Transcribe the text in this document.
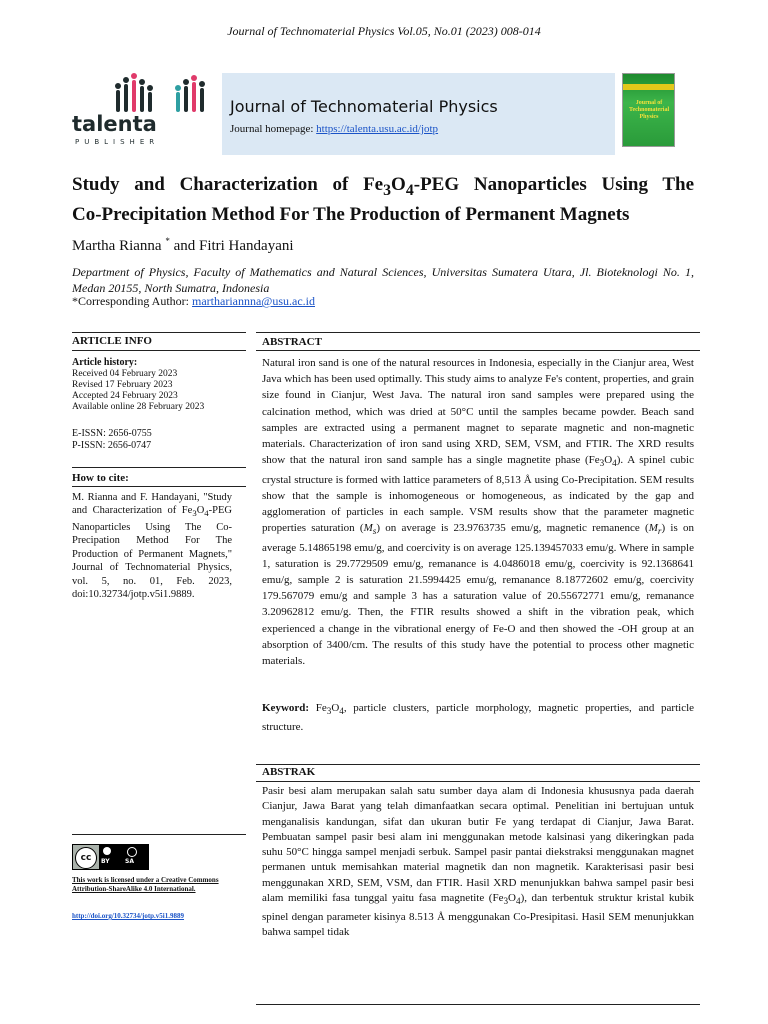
Journal of Technomaterial Physics Vol.05, No.01 (2023) 008-014
talenta
PUBLISHER
Journal of Technomaterial Physics
Journal homepage: https://talenta.usu.ac.id/jotp
Journal of Technomaterial Physics
Study and Characterization of $Fe_3O_4$-PEG Nanoparticles Using The
Co-Precipitation Method For The Production of Permanent Magnets
Martha Rianna * and Fitri Handayani
Department of Physics, Faculty of Mathematics and Natural Sciences, Universitas Sumatera Utara, Jl. Bioteknologi No. 1, Medan 20155, North Sumatra, Indonesia
*Corresponding Author: marthariannna@usu.ac.id
ARTICLE INFO
Article history:
Received 04 February 2023
Revised 17 February 2023
Accepted 24 February 2023
Available online 28 February 2023
E-ISSN: 2656-0755
P-ISSN: 2656-0747
How to cite:
M. Rianna and F. Handayani, "Study and Characterization of $Fe_3O_4$-PEG Nanoparticles Using The Co-Precipation Method For The Production of Permanent Magnets," Journal of Technomaterial Physics, vol. 5, no. 01, Feb. 2023, doi:10.32734/jotp.v5i1.9889.
cc	BY	SA
This work is licensed under a Creative Commons Attribution-ShareAlike 4.0 International.
http://doi.org/10.32734/jotp.v5i1.9889
ABSTRACT
Natural iron sand is one of the natural resources in Indonesia, especially in the Cianjur area, West Java which has been used optimally. This study aims to analyze Fe's content, properties, and grain size found in Cianjur, West Java. The natural iron sand samples were prepared using the calcination method, which was dried at 50°C until the samples became powder. Beach sand samples are extracted using a permanent magnet to separate magnetic and non-magnetic materials. Characterization of iron sand using XRD, SEM, VSM, and FTIR. The XRD results show that the natural iron sand sample has a single magnetite phase $(Fe_3O_4)$. A spinel cubic crystal structure is formed with lattice parameters of 8,513 Å using Co-Precipitation. SEM results show that the sample is inhomogeneous or homogeneous, as indicated by the gap and agglomeration of particles in each sample. VSM results show that the parameter magnetic properties saturation $(M_s)$ on average is 23.9763735 emu/g, magnetic remanence $(M_r)$ is on average 5.14865198 emu/g, and coercivity is on average 125.139457033 emu/g. Where in sample 1, saturation is 29.7729509 emu/g, remanance is 4.0486018 emu/g, coercivity is 92.1368641 emu/g, sample 2 is saturation 21.5994425 emu/g, remanance 8.18772602 emu/g, coercivity 179.567079 emu/g and sample 3 has a saturation value of 20.55672771 emu/g, remanance 3.20962812 emu/g. Then, the FTIR results showed a shift in the vibration peak, which experienced a change in the vibrational energy of Fe-O and then showed the -OH group at an absorption of 3400/cm. The results of this study have the potential to process other magnetic materials.
Keyword: $Fe_3O_4$, particle clusters, particle morphology, magnetic properties, and particle structure.
ABSTRAK
Pasir besi alam merupakan salah satu sumber daya alam di Indonesia khususnya pada daerah Cianjur, Jawa Barat yang telah dimanfaatkan secara optimal. Penelitian ini bertujuan untuk menganalisis kandungan, sifat dan ukuran butir Fe yang terdapat di Cianjur, Jawa Barat. Pembuatan sampel pasir besi alam ini menggunakan metode kalsinasi yang dikeringkan pada suhu 50°C hingga sampel menjadi serbuk. Sampel pasir pantai diekstraksi menggunakan magnet permanen untuk memisahkan material magnetik dan non magnetik. Karakterisasi pasir besi menggunakan XRD, SEM, VSM, dan FTIR. Hasil XRD menunjukkan bahwa sampel pasir besi alam memiliki fasa tunggal yaitu fasa magnetite $(Fe_3O_4)$, dan terbentuk struktur kristal kubik spinel dengan parameter kisinya 8.513 Å menggunakan Co-Presipitasi. Hasil SEM menunjukkan bahwa sampel tidak
